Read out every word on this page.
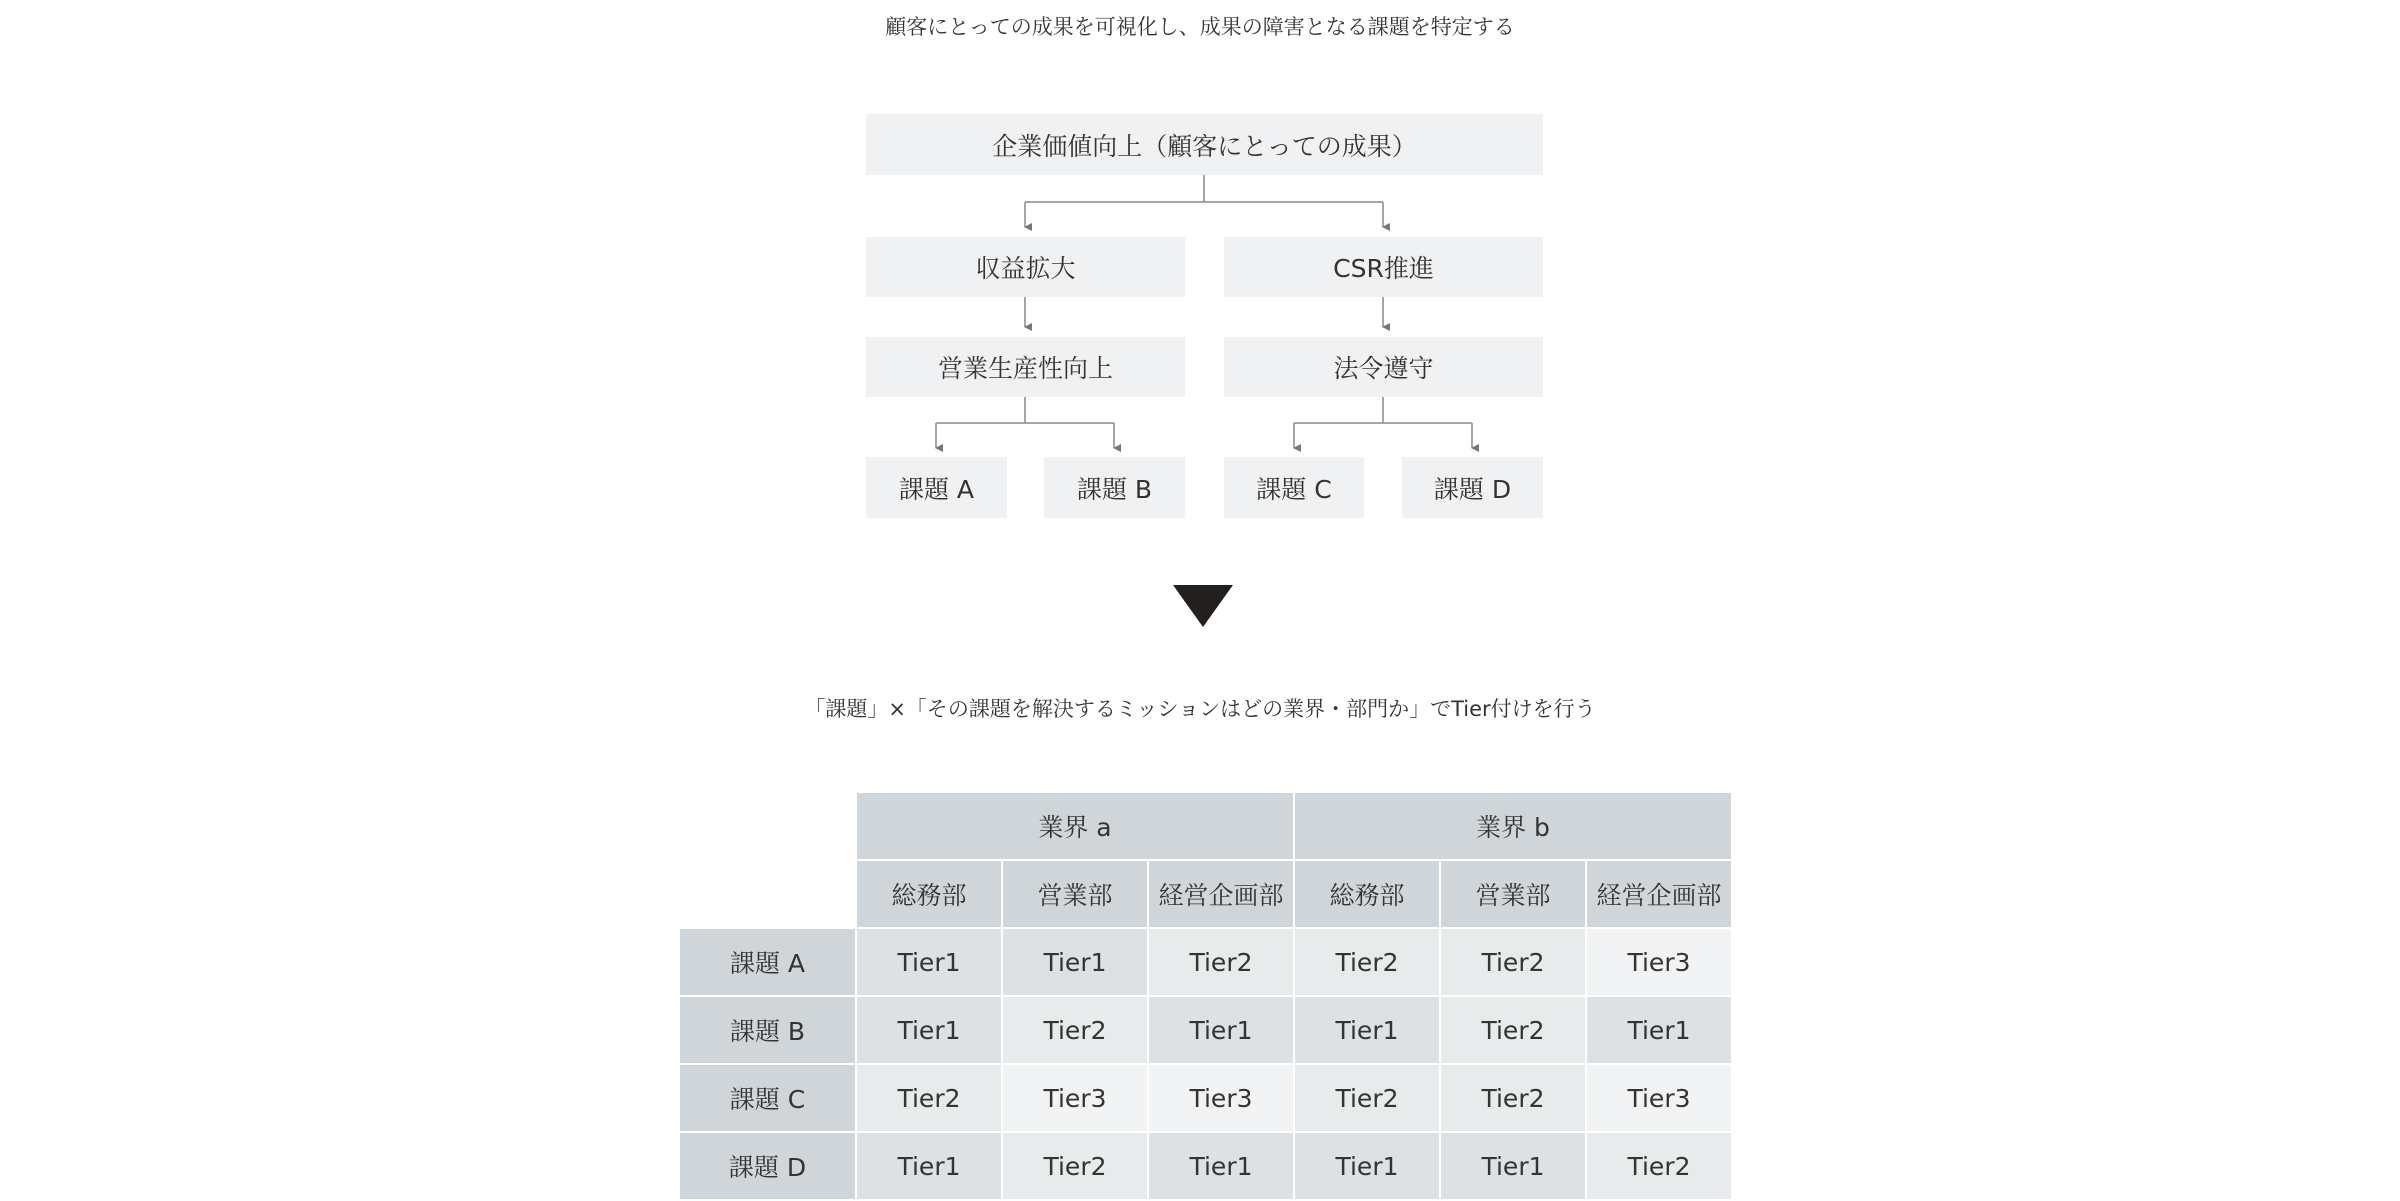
顧客にとっての成果を可視化し、成果の障害となる課題を特定する
企業価値向上（顧客にとっての成果）
収益拡大	CSR推進
営業生産性向上	法令遵守
課題 A	課題 B	課題 C	課題 D
「課題」×「その課題を解決するミッションはどの業界・部門か」でTier付けを行う
業界 a	業界 b
総務部	営業部	経営企画部	総務部	営業部	経営企画部
課題 A	Tier1	Tier1	Tier2	Tier2	Tier2	Tier3
課題 B	Tier1	Tier2	Tier1	Tier1	Tier2	Tier1
課題 C	Tier2	Tier3	Tier3	Tier2	Tier2	Tier3
課題 D	Tier1	Tier2	Tier1	Tier1	Tier1	Tier2
